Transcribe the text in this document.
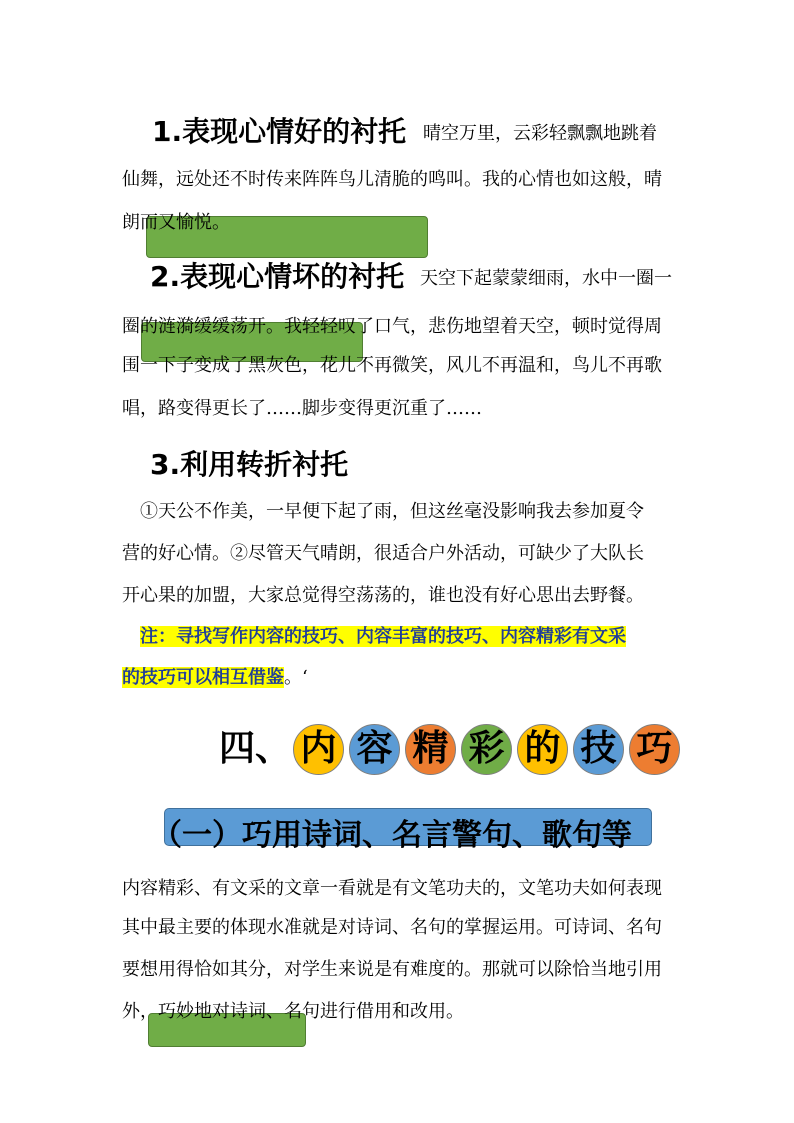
1.表现心情好的衬托 晴空万里，云彩轻飘飘地跳着
仙舞，远处还不时传来阵阵鸟儿清脆的鸣叫。我的心情也如这般，晴
朗而又愉悦。
2.表现心情坏的衬托 天空下起蒙蒙细雨，水中一圈一
圈的涟漪缓缓荡开。我轻轻叹了口气，悲伤地望着天空，顿时觉得周
围一下子变成了黑灰色，花儿不再微笑，风儿不再温和，鸟儿不再歌
唱，路变得更长了……脚步变得更沉重了……
3.利用转折衬托
①天公不作美，一早便下起了雨，但这丝毫没影响我去参加夏令
营的好心情。②尽管天气晴朗，很适合户外活动，可缺少了大队长
开心果的加盟，大家总觉得空荡荡的，谁也没有好心思出去野餐。
注：寻找写作内容的技巧、内容丰富的技巧、内容精彩有文采
的技巧可以相互借鉴。‘
四、 内 容 精 彩 的 技 巧
（一）巧用诗词、名言警句、歌句等
内容精彩、有文采的文章一看就是有文笔功夫的，文笔功夫如何表现
其中最主要的体现水准就是对诗词、名句的掌握运用。可诗词、名句
要想用得恰如其分，对学生来说是有难度的。那就可以除恰当地引用
外，巧妙地对诗词、名句进行借用和改用。
